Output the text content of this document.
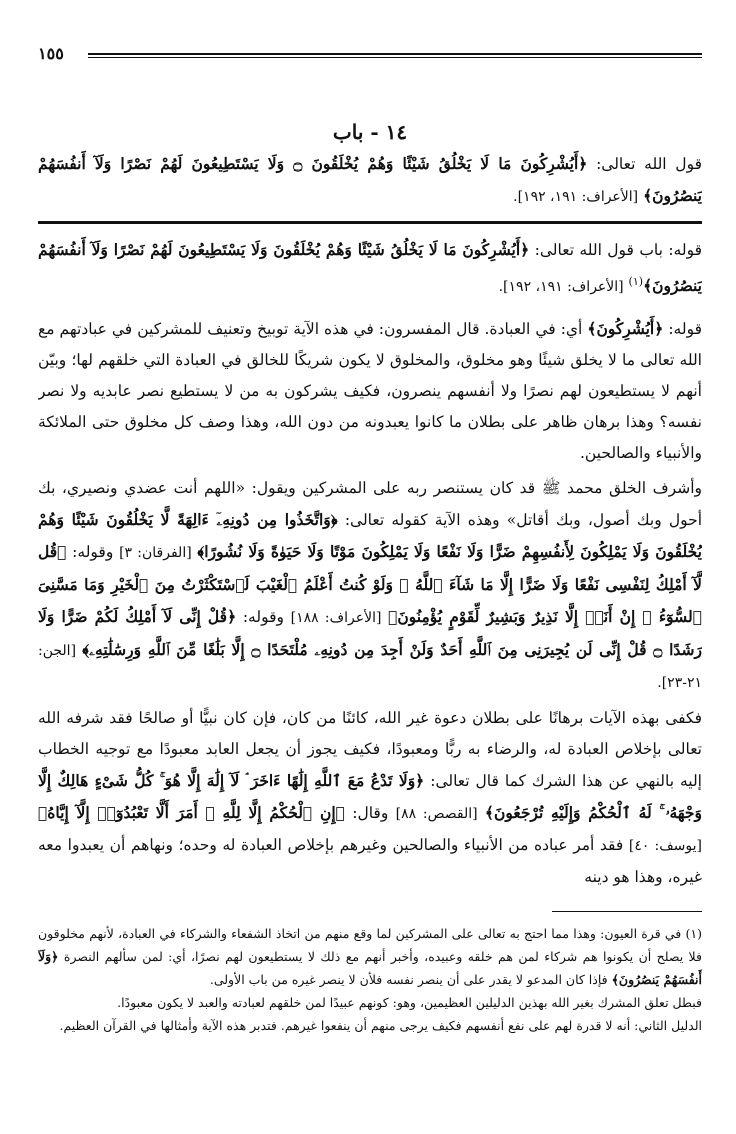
١٥٥
١٤ - باب

قول الله تعالى: ﴿أَيُشْرِكُونَ مَا لَا يَخْلُقُ شَيْئًا وَهُمْ يُخْلَقُونَ ۝ وَلَا يَسْتَطِيعُونَ لَهُمْ نَصْرًا وَلَآ أَنفُسَهُمْ يَنصُرُونَ﴾ [الأعراف: ١٩١، ١٩٢].

قوله: باب قول الله تعالى: ﴿أَيُشْرِكُونَ مَا لَا يَخْلُقُ شَيْئًا وَهُمْ يُخْلَقُونَ وَلَا يَسْتَطِيعُونَ لَهُمْ نَصْرًا وَلَآ أَنفُسَهُمْ يَنصُرُونَ﴾$^{(١)}$ [الأعراف: ١٩١، ١٩٢].

قوله: ﴿أَيُشْرِكُونَ﴾ أي: في العبادة. قال المفسرون: في هذه الآية توبيخ وتعنيف للمشركين في عبادتهم مع الله تعالى ما لا يخلق شيئًا وهو مخلوق، والمخلوق لا يكون شريكًا للخالق في العبادة التي خلقهم لها؛ وبيّن أنهم لا يستطيعون لهم نصرًا ولا أنفسهم ينصرون، فكيف يشركون به من لا يستطيع نصر عابديه ولا نصر نفسه؟ وهذا برهان ظاهر على بطلان ما كانوا يعبدونه من دون الله، وهذا وصف كل مخلوق حتى الملائكة والأنبياء والصالحين.

وأشرف الخلق محمد ﷺ قد كان يستنصر ربه على المشركين ويقول: «اللهم أنت عضدي ونصيري، بك أحول وبك أصول، وبك أقاتل» وهذه الآية كقوله تعالى: ﴿وَاتَّخَذُوا مِن دُونِهِۦٓ ءَالِهَةً لَّا يَخْلُقُونَ شَيْئًا وَهُمْ يُخْلَقُونَ وَلَا يَمْلِكُونَ لِأَنفُسِهِمْ ضَرًّا وَلَا نَفْعًا وَلَا يَمْلِكُونَ مَوْتًا وَلَا حَيَوٰةً وَلَا نُشُورًا﴾ [الفرقان: ٣] وقوله: ﴿قُل لَّآ أَمْلِكُ لِنَفْسِى نَفْعًا وَلَا ضَرًّا إِلَّا مَا شَآءَ ٱللَّهُ ۚ وَلَوْ كُنتُ أَعْلَمُ ٱلْغَيْبَ لَٱسْتَكْثَرْتُ مِنَ ٱلْخَيْرِ وَمَا مَسَّنِىَ ٱلسُّوٓءُ ۚ إِنْ أَنَا۠ إِلَّا نَذِيرٌ وَبَشِيرٌ لِّقَوْمٍ يُؤْمِنُونَ﴾ [الأعراف: ١٨٨] وقوله: ﴿قُلْ إِنِّى لَآ أَمْلِكُ لَكُمْ ضَرًّا وَلَا رَشَدًا ۝ قُلْ إِنِّى لَن يُجِيرَنِى مِنَ ٱللَّهِ أَحَدٌ وَلَنْ أَجِدَ مِن دُونِهِۦ مُلْتَحَدًا ۝ إِلَّا بَلَٰغًا مِّنَ ٱللَّهِ وَرِسَٰلَٰتِهِۦ﴾ [الجن: ٢١-٢٣].

فكفى بهذه الآيات برهانًا على بطلان دعوة غير الله، كائنًا من كان، فإن كان نبيًّا أو صالحًا فقد شرفه الله تعالى بإخلاص العبادة له، والرضاء به ربًّا ومعبودًا، فكيف يجوز أن يجعل العابد معبودًا مع توجيه الخطاب إليه بالنهي عن هذا الشرك كما قال تعالى: ﴿وَلَا تَدْعُ مَعَ ٱللَّهِ إِلَٰهًا ءَاخَرَ ۘ لَآ إِلَٰهَ إِلَّا هُوَ ۚ كُلُّ شَىْءٍ هَالِكٌ إِلَّا وَجْهَهُۥ ۚ لَهُ ٱلْحُكْمُ وَإِلَيْهِ تُرْجَعُونَ﴾ [القصص: ٨٨] وقال: ﴿إِنِ ٱلْحُكْمُ إِلَّا لِلَّهِ ۚ أَمَرَ أَلَّا تَعْبُدُوٓا۟ إِلَّآ إِيَّاهُ﴾ [يوسف: ٤٠] فقد أمر عباده من الأنبياء والصالحين وغيرهم بإخلاص العبادة له وحده؛ ونهاهم أن يعبدوا معه غيره، وهذا هو دينه

(١) في قرة العيون: وهذا مما احتج به تعالى على المشركين لما وقع منهم من اتخاذ الشفعاء والشركاء في العبادة، لأنهم مخلوقون فلا يصلح أن يكونوا هم شركاء لمن هم خلقه وعبيده، وأخبر أنهم مع ذلك لا يستطيعون لهم نصرًا، أي: لمن سألهم النصرة ﴿وَلَآ أَنفُسَهُمْ يَنصُرُونَ﴾ فإذا كان المدعو لا يقدر على أن ينصر نفسه فلأن لا ينصر غيره من باب الأولى.

فبطل تعلق المشرك بغير الله بهذين الدليلين العظيمين، وهو: كونهم عبيدًا لمن خلقهم لعبادته والعبد لا يكون معبودًا.

الدليل الثاني: أنه لا قدرة لهم على نفع أنفسهم فكيف يرجى منهم أن ينفعوا غيرهم. فتدبر هذه الآية وأمثالها في القرآن العظيم.
